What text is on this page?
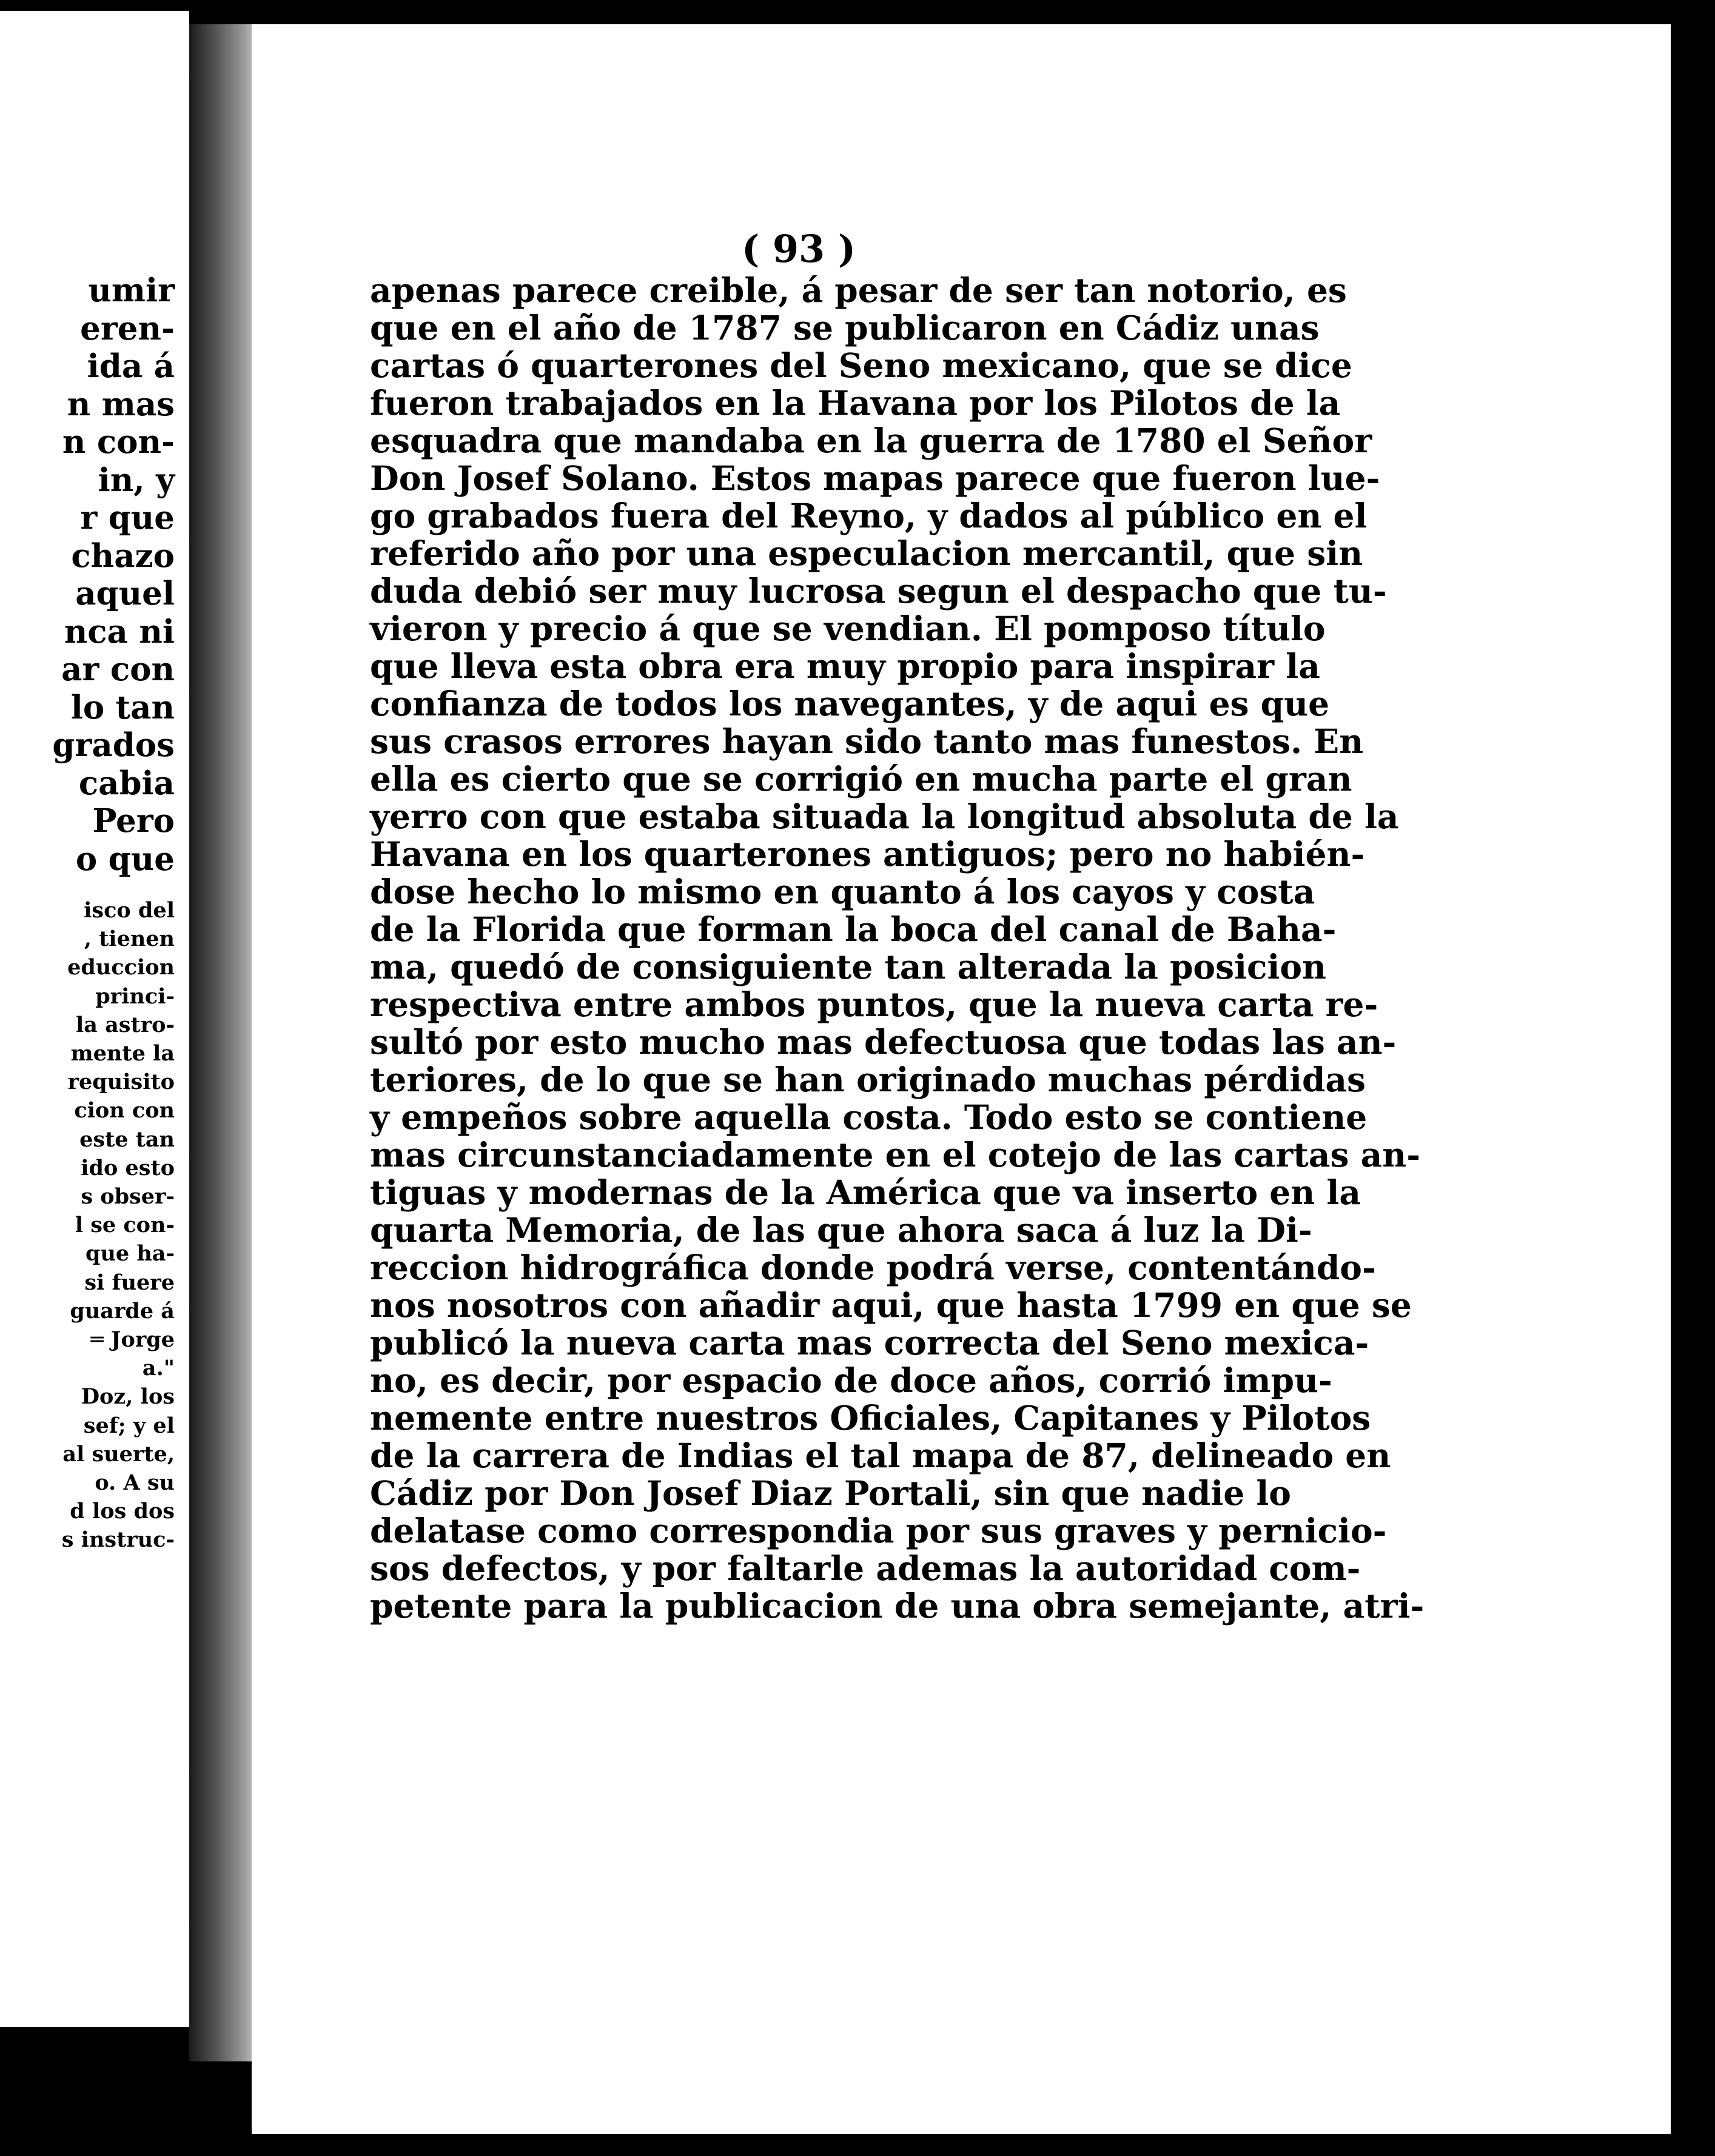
umir
eren-
ida á
n mas
n con-
in, y
r que
chazo
aquel
nca ni
ar con
lo tan
grados
cabia
Pero
o que
isco del
, tienen
educcion
princi-
la astro-
mente la
requisito
cion con
este tan
ido esto
s obser-
l se con-
que ha-
si fuere
guarde á
═ Jorge
a."
Doz, los
sef; y el
al suerte,
o. A su
d los dos
s instruc-
( 93 )
apenas parece creible, á pesar de ser tan notorio, es
que en el año de 1787 se publicaron en Cádiz unas
cartas ó quarterones del Seno mexicano, que se dice
fueron trabajados en la Havana por los Pilotos de la
esquadra que mandaba en la guerra de 1780 el Señor
Don Josef Solano. Estos mapas parece que fueron lue-
go grabados fuera del Reyno, y dados al público en el
referido año por una especulacion mercantil, que sin
duda debió ser muy lucrosa segun el despacho que tu-
vieron y precio á que se vendian. El pomposo título
que lleva esta obra era muy propio para inspirar la
confianza de todos los navegantes, y de aqui es que
sus crasos errores hayan sido tanto mas funestos. En
ella es cierto que se corrigió en mucha parte el gran
yerro con que estaba situada la longitud absoluta de la
Havana en los quarterones antiguos; pero no habién-
dose hecho lo mismo en quanto á los cayos y costa
de la Florida que forman la boca del canal de Baha-
ma, quedó de consiguiente tan alterada la posicion
respectiva entre ambos puntos, que la nueva carta re-
sultó por esto mucho mas defectuosa que todas las an-
teriores, de lo que se han originado muchas pérdidas
y empeños sobre aquella costa. Todo esto se contiene
mas circunstanciadamente en el cotejo de las cartas an-
tiguas y modernas de la América que va inserto en la
quarta Memoria, de las que ahora saca á luz la Di-
reccion hidrográfica donde podrá verse, contentándo-
nos nosotros con añadir aqui, que hasta 1799 en que se
publicó la nueva carta mas correcta del Seno mexica-
no, es decir, por espacio de doce años, corrió impu-
nemente entre nuestros Oficiales, Capitanes y Pilotos
de la carrera de Indias el tal mapa de 87, delineado en
Cádiz por Don Josef Diaz Portali, sin que nadie lo
delatase como correspondia por sus graves y pernicio-
sos defectos, y por faltarle ademas la autoridad com-
petente para la publicacion de una obra semejante, atri-
